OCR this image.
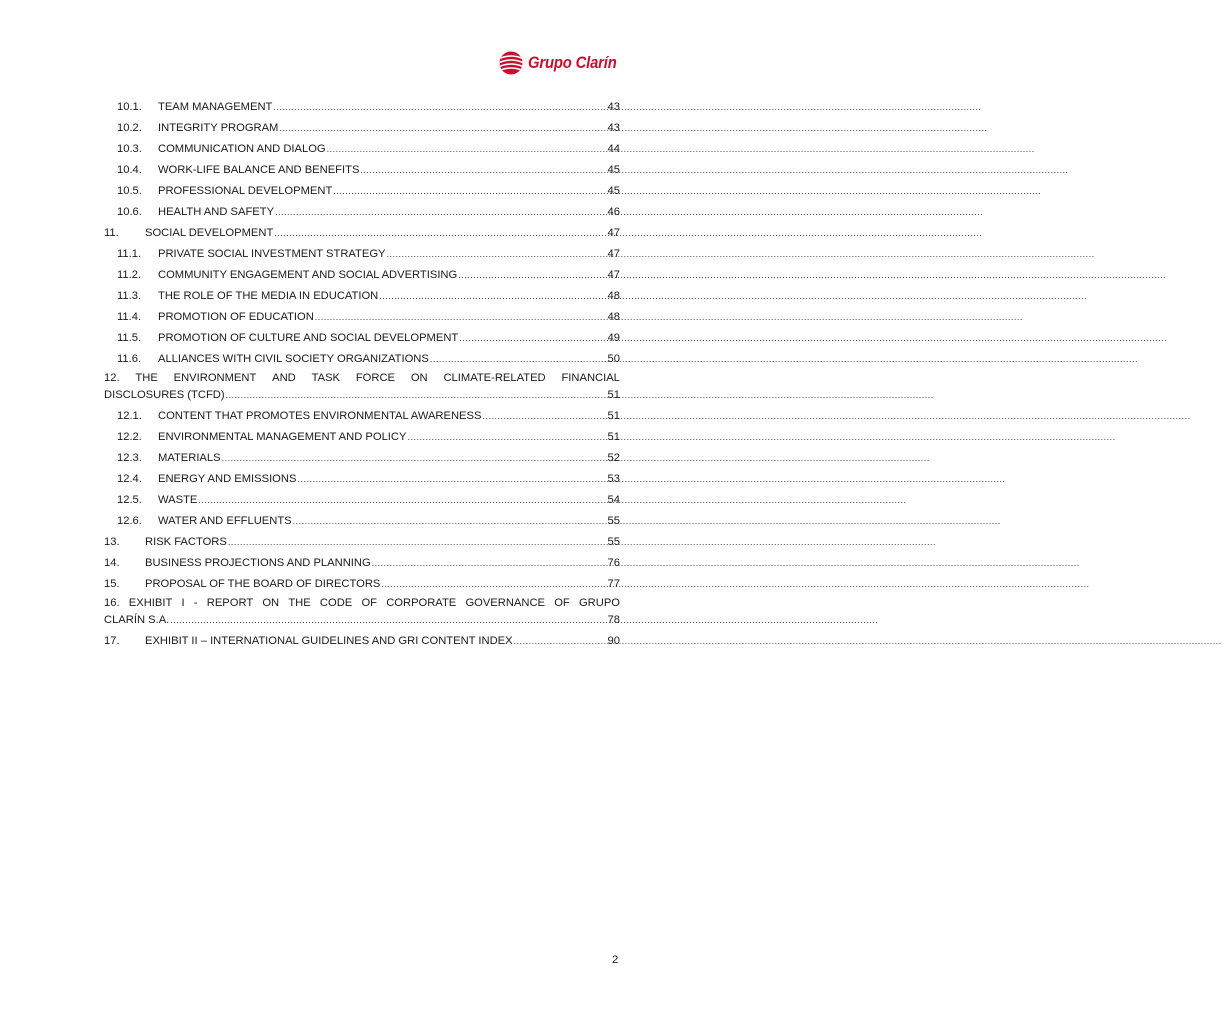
Grupo Clarín
10.1.	TEAM MANAGEMENT .....	43
10.2.	INTEGRITY PROGRAM .....	43
10.3.	COMMUNICATION AND DIALOG .....	44
10.4.	WORK-LIFE BALANCE AND BENEFITS .....	45
10.5.	PROFESSIONAL DEVELOPMENT .....	45
10.6.	HEALTH AND SAFETY .....	46
11.	SOCIAL DEVELOPMENT .....	47
11.1.	PRIVATE SOCIAL INVESTMENT STRATEGY .....	47
11.2.	COMMUNITY ENGAGEMENT AND SOCIAL ADVERTISING .....	47
11.3.	THE ROLE OF THE MEDIA IN EDUCATION .....	48
11.4.	PROMOTION OF EDUCATION .....	48
11.5.	PROMOTION OF CULTURE AND SOCIAL DEVELOPMENT .....	49
11.6.	ALLIANCES WITH CIVIL SOCIETY ORGANIZATIONS .....	50
12. THE ENVIRONMENT AND TASK FORCE ON CLIMATE-RELATED FINANCIAL
DISCLOSURES (TCFD) .....	51
12.1.	CONTENT THAT PROMOTES ENVIRONMENTAL AWARENESS .....	51
12.2.	ENVIRONMENTAL MANAGEMENT AND POLICY .....	51
12.3.	MATERIALS .....	52
12.4.	ENERGY AND EMISSIONS .....	53
12.5.	WASTE .....	54
12.6.	WATER AND EFFLUENTS .....	55
13.	RISK FACTORS .....	55
14.	BUSINESS PROJECTIONS AND PLANNING .....	76
15.	PROPOSAL OF THE BOARD OF DIRECTORS .....	77
16. EXHIBIT I - REPORT ON THE CODE OF CORPORATE GOVERNANCE OF GRUPO
CLARÍN S.A. .....	78
17.	EXHIBIT II – INTERNATIONAL GUIDELINES AND GRI CONTENT INDEX .....	90
2
